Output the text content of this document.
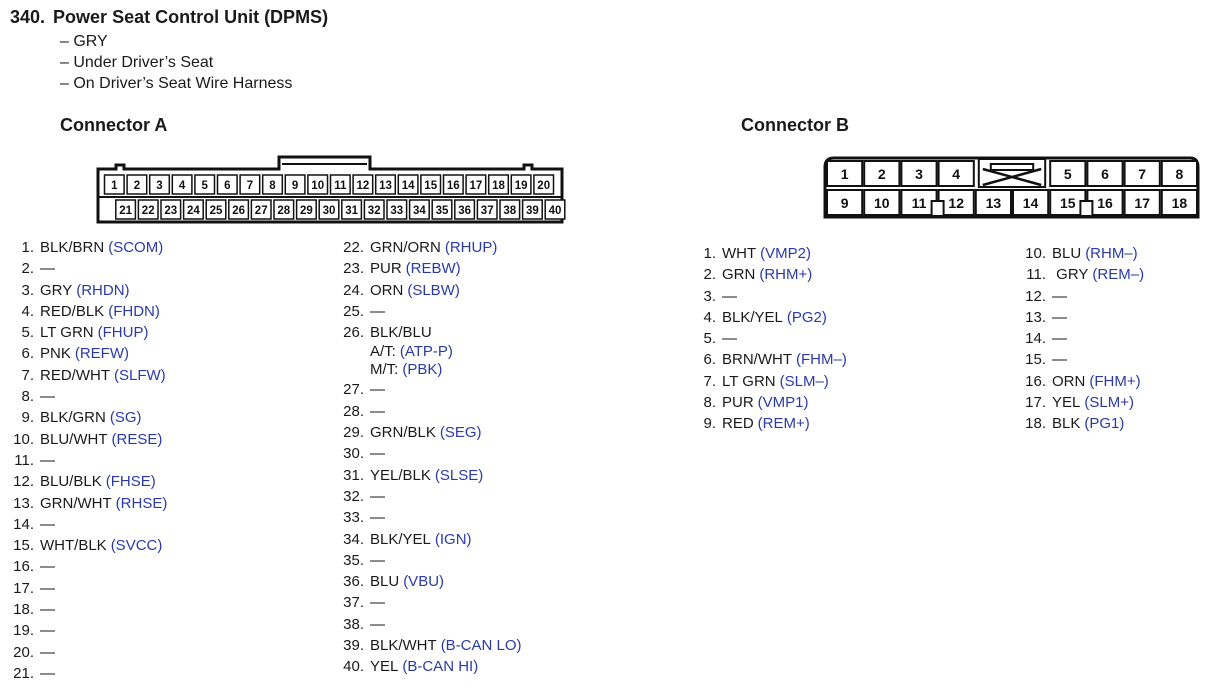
340. Power Seat Control Unit (DPMS)
– GRY
– Under Driver’s Seat
– On Driver’s Seat Wire Harness
Connector A	Connector B
1 2 3 4 5 6 7 8 9 10 11 12 13 14 15 16 17 18 19 20
21 22 23 24 25 26 27 28 29 30 31 32 33 34 35 36 37 38 39 40
1 2 3 4	5 6 7 8
9 10 11 12 13 14 15 16 17 18
1. BLK/BRN (SCOM)
2. —
3. GRY (RHDN)
4. RED/BLK (FHDN)
5. LT GRN (FHUP)
6. PNK (REFW)
7. RED/WHT (SLFW)
8. —
9. BLK/GRN (SG)
10. BLU/WHT (RESE)
11. —
12. BLU/BLK (FHSE)
13. GRN/WHT (RHSE)
14. —
15. WHT/BLK (SVCC)
16. —
17. —
18. —
19. —
20. —
21. —
22. GRN/ORN (RHUP)
23. PUR (REBW)
24. ORN (SLBW)
25. —
26. BLK/BLU
A/T: (ATP-P)
M/T: (PBK)
27. —
28. —
29. GRN/BLK (SEG)
30. —
31. YEL/BLK (SLSE)
32. —
33. —
34. BLK/YEL (IGN)
35. —
36. BLU (VBU)
37. —
38. —
39. BLK/WHT (B-CAN LO)
40. YEL (B-CAN HI)
1. WHT (VMP2)
2. GRN (RHM+)
3. —
4. BLK/YEL (PG2)
5. —
6. BRN/WHT (FHM–)
7. LT GRN (SLM–)
8. PUR (VMP1)
9. RED (REM+)
10. BLU (RHM–)
11. GRY (REM–)
12. —
13. —
14. —
15. —
16. ORN (FHM+)
17. YEL (SLM+)
18. BLK (PG1)
